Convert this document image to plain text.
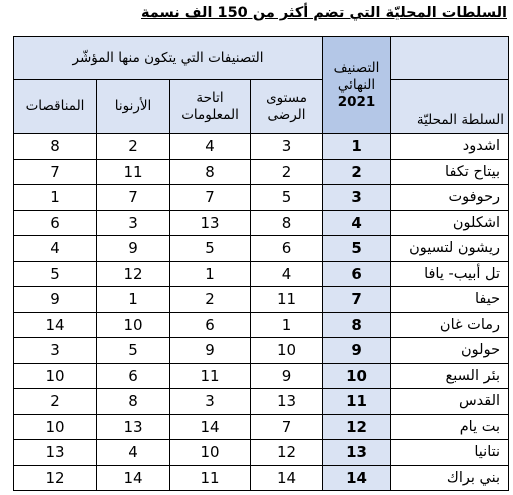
السلطات المحليّة التي تضم أكثر من 150 الف نسمة

	التصنيف النهائي
2021	التصنيفات التي يتكون منها المؤشّر			
السلطة المحليّة		مستوى الرضى	اتاحة المعلومات	الأرنونا	المناقصات
اشدود	1	3	4	2	8
بيتاح تكفا	2	2	8	11	7
رحوفوت	3	5	7	7	1
اشكلون	4	8	13	3	6
ريشون لتسيون	5	6	5	9	4
تل أبيب- يافا	6	4	1	12	5
حيفا	7	11	2	1	9
رمات غان	8	1	6	10	14
حولون	9	10	9	5	3
بئر السبع	10	9	11	6	10
القدس	11	13	3	8	2
بت يام	12	7	14	13	10
نتانيا	13	12	10	4	13
بني براك	14	14	11	14	12
